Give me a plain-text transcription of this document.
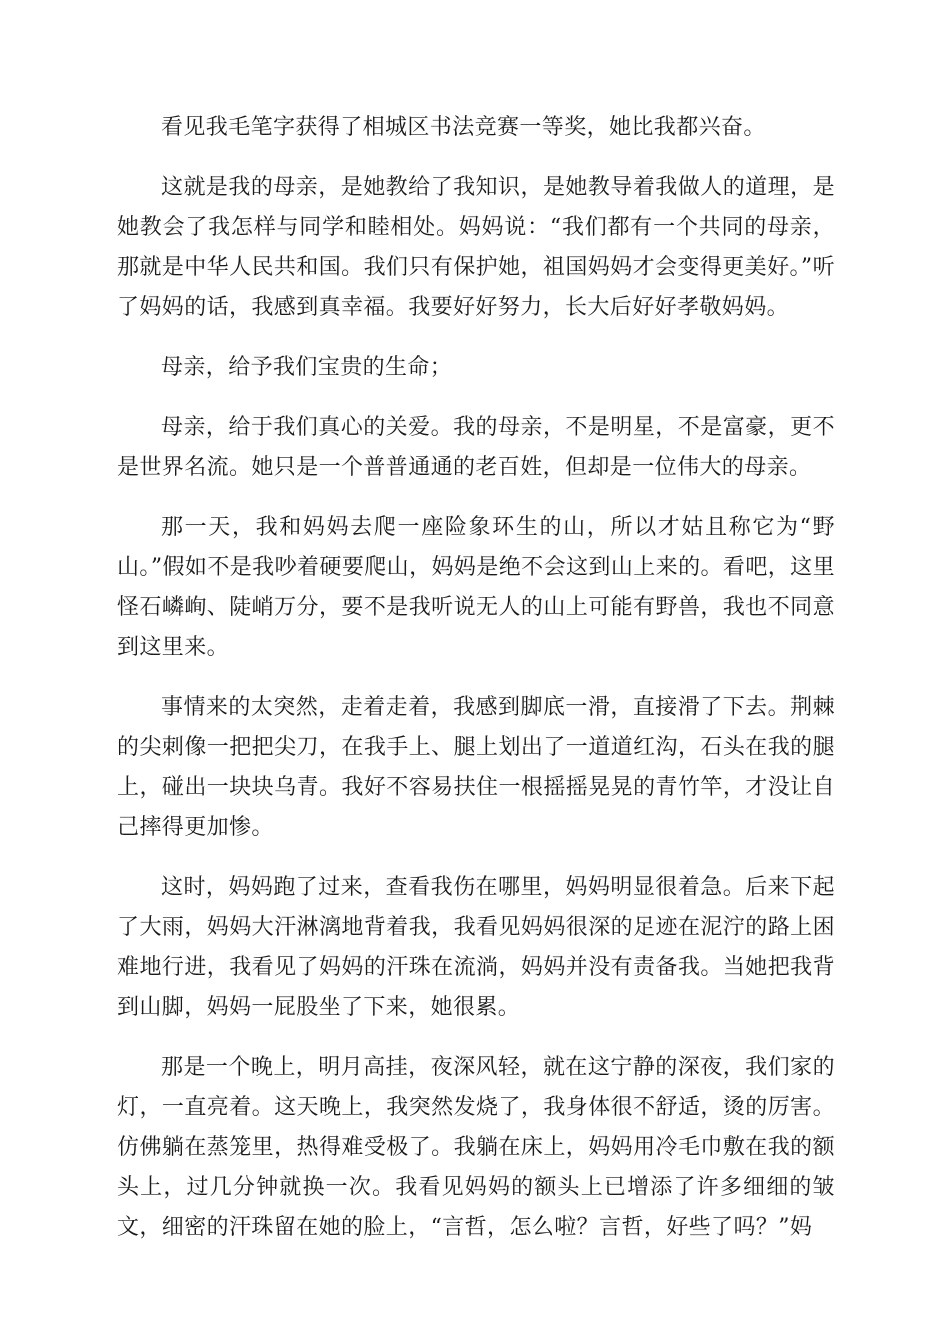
看见我毛笔字获得了相城区书法竞赛一等奖，她比我都兴奋。

这就是我的母亲，是她教给了我知识，是她教导着我做人的道理，是她教会了我怎样与同学和睦相处。妈妈说：“我们都有一个共同的母亲，那就是中华人民共和国。我们只有保护她，祖国妈妈才会变得更美好。”听了妈妈的话，我感到真幸福。我要好好努力，长大后好好孝敬妈妈。

母亲，给予我们宝贵的生命；

母亲，给于我们真心的关爱。我的母亲，不是明星，不是富豪，更不是世界名流。她只是一个普普通通的老百姓，但却是一位伟大的母亲。

那一天，我和妈妈去爬一座险象环生的山，所以才姑且称它为“野山。”假如不是我吵着硬要爬山，妈妈是绝不会这到山上来的。看吧，这里怪石嶙峋、陡峭万分，要不是我听说无人的山上可能有野兽，我也不同意到这里来。

事情来的太突然，走着走着，我感到脚底一滑，直接滑了下去。荆棘的尖刺像一把把尖刀，在我手上、腿上划出了一道道红沟，石头在我的腿上，碰出一块块乌青。我好不容易扶住一根摇摇晃晃的青竹竿，才没让自己摔得更加惨。

这时，妈妈跑了过来，查看我伤在哪里，妈妈明显很着急。后来下起了大雨，妈妈大汗淋漓地背着我，我看见妈妈很深的足迹在泥泞的路上困难地行进，我看见了妈妈的汗珠在流淌，妈妈并没有责备我。当她把我背到山脚，妈妈一屁股坐了下来，她很累。

那是一个晚上，明月高挂，夜深风轻，就在这宁静的深夜，我们家的灯，一直亮着。这天晚上，我突然发烧了，我身体很不舒适，烫的厉害。仿佛躺在蒸笼里，热得难受极了。我躺在床上，妈妈用冷毛巾敷在我的额头上，过几分钟就换一次。我看见妈妈的额头上已增添了许多细细的皱文，细密的汗珠留在她的脸上，“言哲，怎么啦？言哲，好些了吗？”妈
